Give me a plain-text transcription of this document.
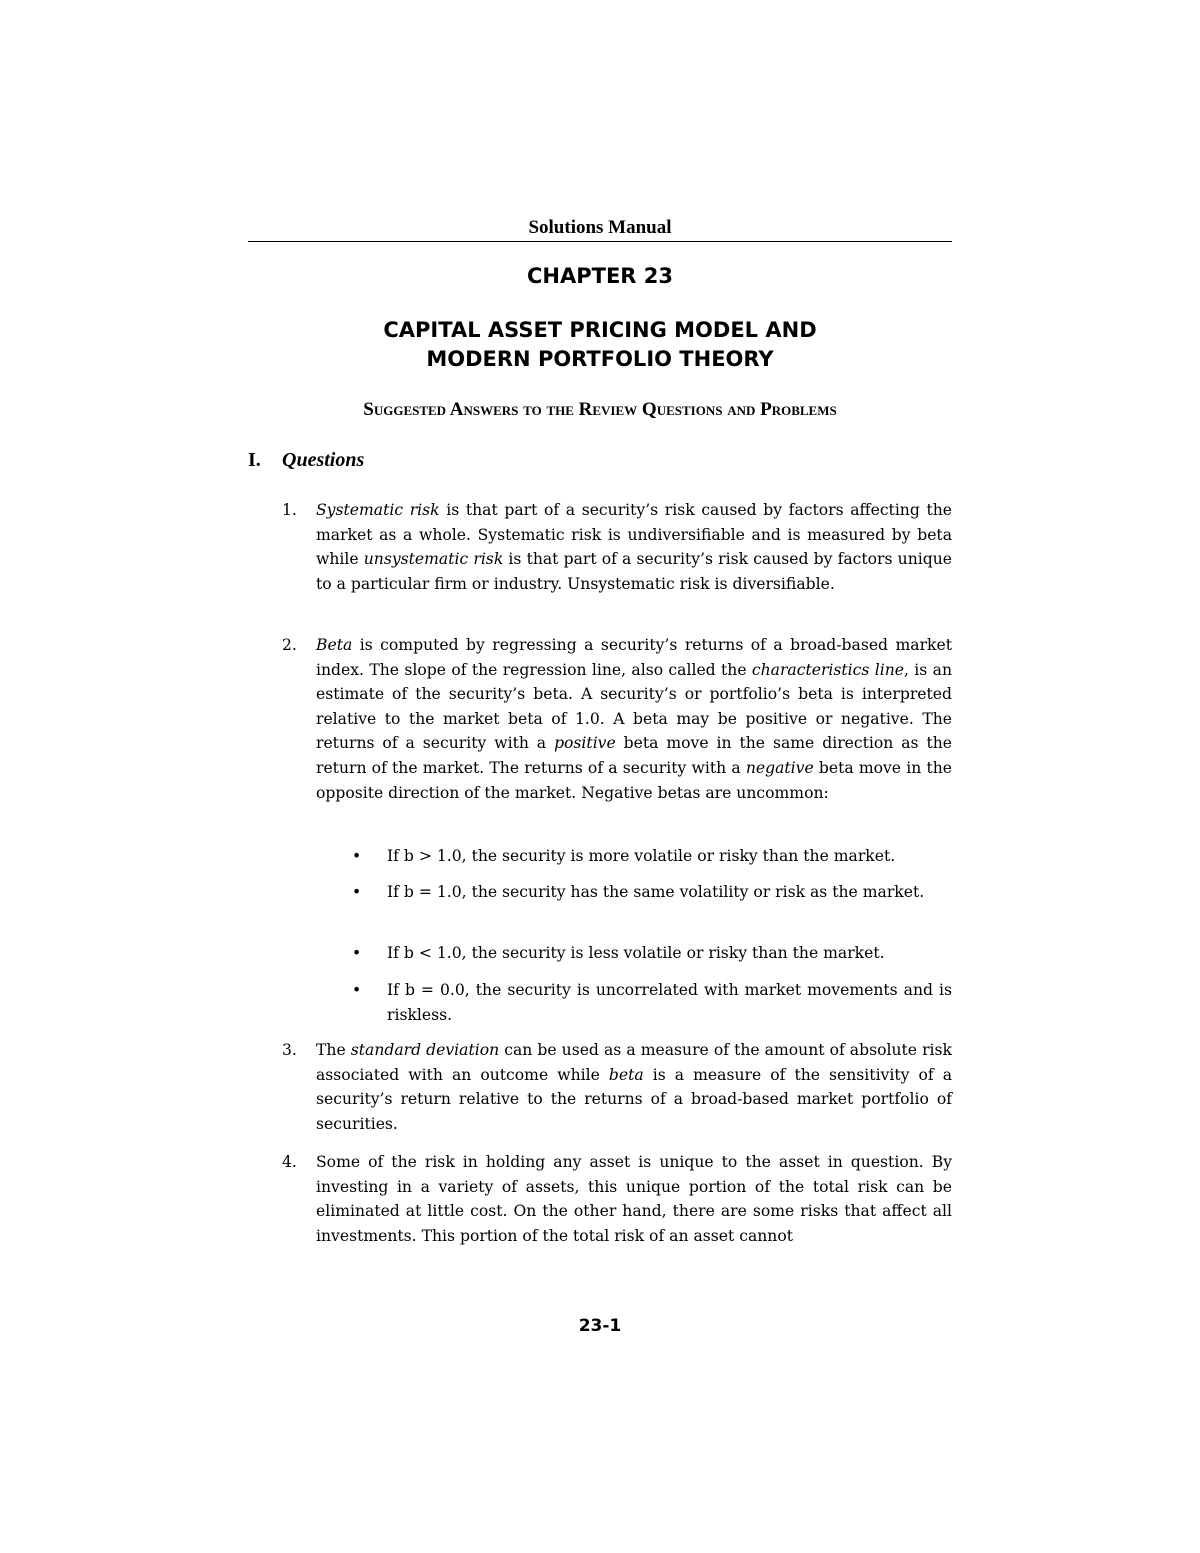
Solutions Manual
CHAPTER 23
CAPITAL ASSET PRICING MODEL AND
MODERN PORTFOLIO THEORY
Suggested Answers to the Review Questions and Problems
I. Questions
1.	Systematic risk is that part of a security’s risk caused by factors affecting the market as a whole. Systematic risk is undiversifiable and is measured by beta while unsystematic risk is that part of a security’s risk caused by factors unique to a particular firm or industry. Unsystematic risk is diversifiable.
2.	Beta is computed by regressing a security’s returns of a broad-based market index. The slope of the regression line, also called the characteristics line, is an estimate of the security’s beta. A security’s or portfolio’s beta is interpreted relative to the market beta of 1.0. A beta may be positive or negative. The returns of a security with a positive beta move in the same direction as the return of the market. The returns of a security with a negative beta move in the opposite direction of the market. Negative betas are uncommon:
•	If b > 1.0, the security is more volatile or risky than the market.
•	If b = 1.0, the security has the same volatility or risk as the market.
•	If b < 1.0, the security is less volatile or risky than the market.
•	If b = 0.0, the security is uncorrelated with market movements and is riskless.
3.	The standard deviation can be used as a measure of the amount of absolute risk associated with an outcome while beta is a measure of the sensitivity of a security’s return relative to the returns of a broad-based market portfolio of securities.
4.	Some of the risk in holding any asset is unique to the asset in question. By investing in a variety of assets, this unique portion of the total risk can be eliminated at little cost. On the other hand, there are some risks that affect all investments. This portion of the total risk of an asset cannot
23-1
